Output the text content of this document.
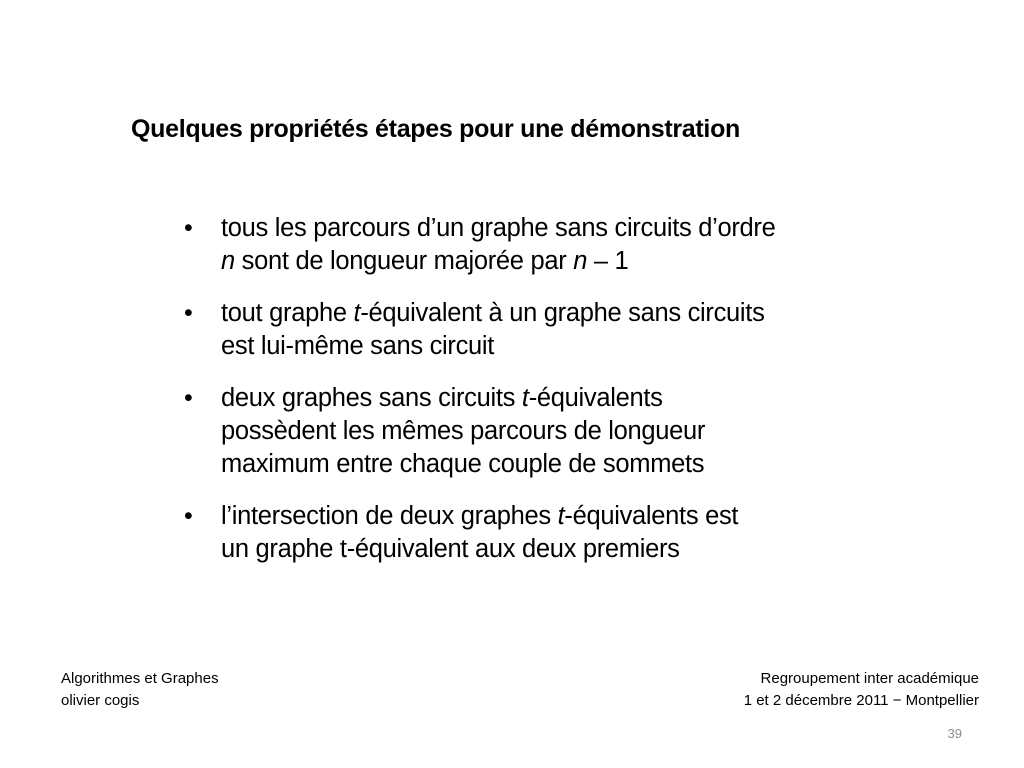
Quelques propriétés étapes pour une démonstration
• tous les parcours d’un graphe sans circuits d’ordre
n sont de longueur majorée par n – 1
• tout graphe t-équivalent à un graphe sans circuits
est lui-même sans circuit
• deux graphes sans circuits t-équivalents
possèdent les mêmes parcours de longueur
maximum entre chaque couple de sommets
• l’intersection de deux graphes t-équivalents est
un graphe t-équivalent aux deux premiers
Algorithmes et Graphes
olivier cogis
Regroupement inter académique
1 et 2 décembre 2011 − Montpellier
39
